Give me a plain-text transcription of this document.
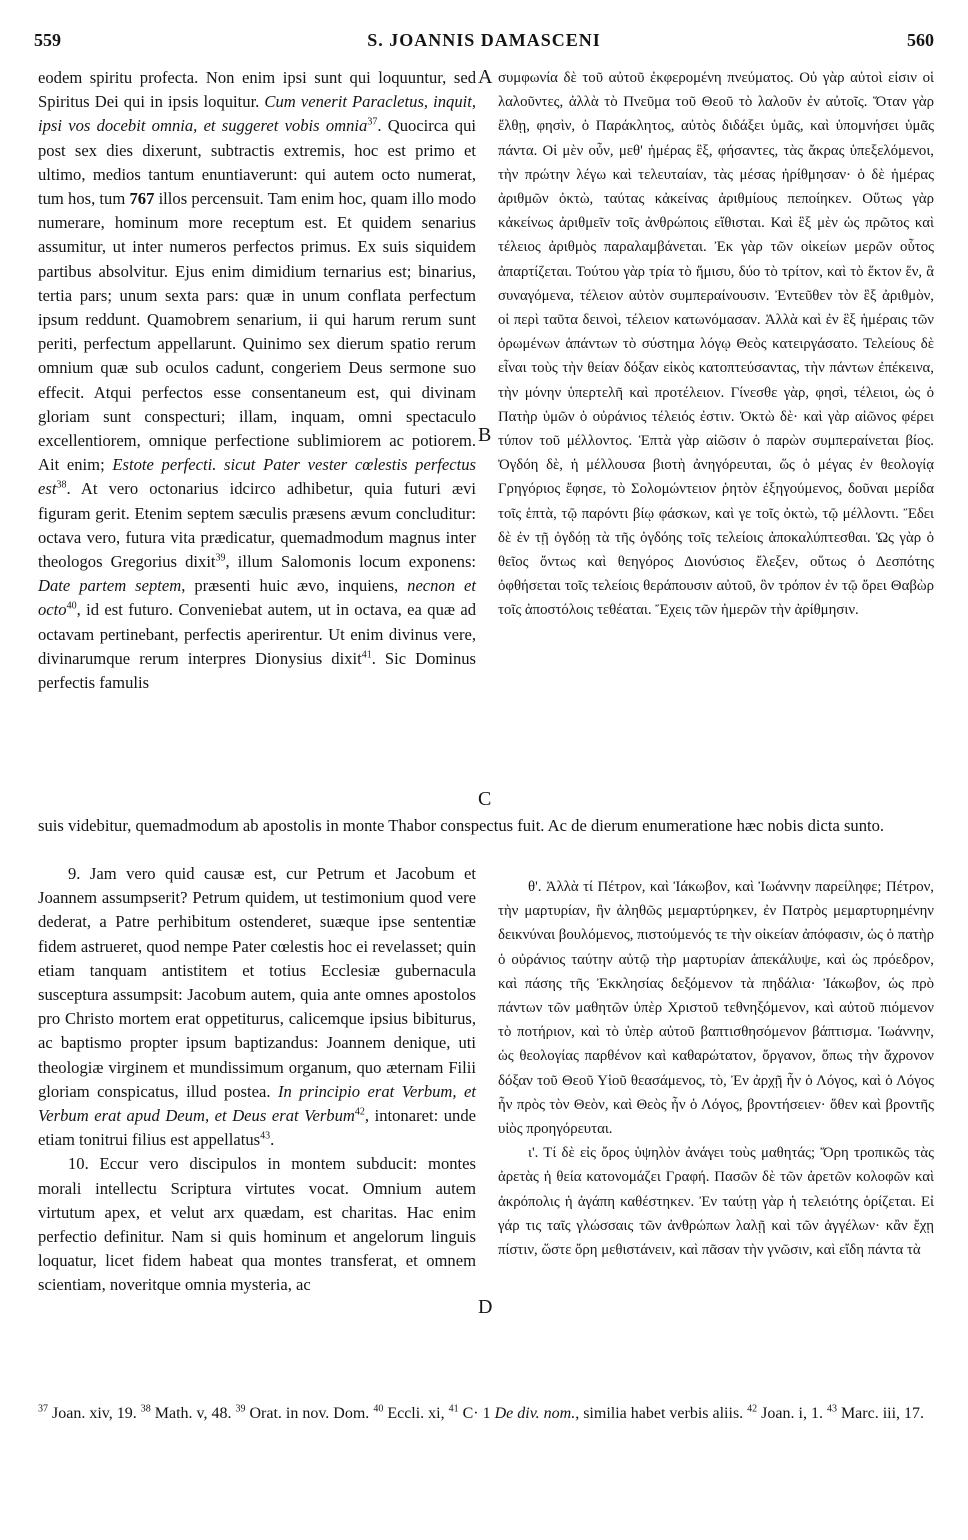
559	S. JOANNIS DAMASCENI	560

eodem spiritu profecta. Non enim ipsi sunt qui loquuntur, sed Spiritus Dei qui in ipsis loquitur. Cum venerit Paracletus, inquit, ipsi vos docebit omnia, et suggeret vobis omnia$^{37}$. Quocirca qui post sex dies dixerunt, subtractis extremis, hoc est primo et ultimo, medios tantum enuntiaverunt: qui autem octo numerat, tum hos, tum 767 illos percensuit. Tam enim hoc, quam illo modo numerare, hominum more receptum est. Et quidem senarius assumitur, ut inter numeros perfectos primus. Ex suis siquidem partibus absolvitur. Ejus enim dimidium ternarius est; binarius, tertia pars; unum sexta pars: quæ in unum conflata perfectum ipsum reddunt. Quamobrem senarium, ii qui harum rerum sunt periti, perfectum appellarunt. Quinimo sex dierum spatio rerum omnium quæ sub oculos cadunt, congeriem Deus sermone suo effecit. Atqui perfectos esse consentaneum est, qui divinam gloriam sunt conspecturi; illam, inquam, omni spectaculo excellentiorem, omnique perfectione sublimiorem ac potiorem. Ait enim; Estote perfecti. sicut Pater vester cœlestis perfectus est$^{38}$. At vero octonarius idcirco adhibetur, quia futuri ævi figuram gerit. Etenim septem sæculis præsens ævum concluditur: octava vero, futura vita prædicatur, quemadmodum magnus inter theologos Gregorius dixit$^{39}$, illum Salomonis locum exponens: Date partem septem, præsenti huic ævo, inquiens, necnon et octo$^{40}$, id est futuro. Conveniebat autem, ut in octava, ea quæ ad octavam pertinebant, perfectis aperirentur. Ut enim divinus vere, divinarumque rerum interpres Dionysius dixit$^{41}$. Sic Dominus perfectis famulis

συμφωνία δὲ τοῦ αὐτοῦ ἐκφερομένη πνεύματος. Οὐ γὰρ αὐτοὶ εἰσιν οἱ λαλοῦντες, ἀλλὰ τὸ Πνεῦμα τοῦ Θεοῦ τὸ λαλοῦν ἐν αὐτοῖς. Ὅταν γὰρ ἔλθῃ, φησὶν, ὁ Παράκλητος, αὐτὸς διδάξει ὑμᾶς, καὶ ὑπομνήσει ὑμᾶς πάντα. Οἱ μὲν οὖν, μεθ' ἡμέρας ἓξ, φήσαντες, τὰς ἄκρας ὑπεξελόμενοι, τὴν πρώτην λέγω καὶ τελευταίαν, τὰς μέσας ἠρίθμησαν· ὁ δὲ ἡμέρας ἀριθμῶν ὀκτὼ, ταύτας κἀκείνας ἀριθμίους πεποίηκεν. Οὕτως γὰρ κἀκείνως ἀριθμεῖν τοῖς ἀνθρώποις εἴθισται. Καὶ ἓξ μὲν ὡς πρῶτος καὶ τέλειος ἀριθμὸς παραλαμβάνεται. Ἐκ γὰρ τῶν οἰκείων μερῶν οὗτος ἀπαρτίζεται. Τούτου γὰρ τρία τὸ ἥμισυ, δύο τὸ τρίτον, καὶ τὸ ἕκτον ἕν, ἃ συναγόμενα, τέλειον αὐτὸν συμπεραίνουσιν. Ἐντεῦθεν τὸν ἓξ ἀριθμὸν, οἱ περὶ ταῦτα δεινοὶ, τέλειον κατωνόμασαν. Ἀλλὰ καὶ ἐν ἓξ ἡμέραις τῶν ὁρωμένων ἁπάντων τὸ σύστημα λόγῳ Θεὸς κατειργάσατο. Τελείους δὲ εἶναι τοὺς τὴν θείαν δόξαν εἰκὸς κατοπτεύσαντας, τὴν πάντων ἐπέκεινα, τὴν μόνην ὑπερτελῆ καὶ προτέλειον. Γίνεσθε γὰρ, φησὶ, τέλειοι, ὡς ὁ Πατὴρ ὑμῶν ὁ οὐράνιος τέλειός ἐστιν. Ὀκτὼ δὲ· καὶ γὰρ αἰῶνος φέρει τύπον τοῦ μέλλοντος. Ἑπτὰ γὰρ αἰῶσιν ὁ παρὼν συμπεραίνεται βίος. Ὀγδόη δὲ, ἡ μέλλουσα βιοτὴ ἀνηγόρευται, ὥς ὁ μέγας ἐν θεολογίᾳ Γρηγόριος ἔφησε, τὸ Σολομώντειον ῥητὸν ἐξηγούμενος, δοῦναι μερίδα τοῖς ἑπτὰ, τῷ παρόντι βίῳ φάσκων, καὶ γε τοῖς ὀκτὼ, τῷ μέλλοντι. Ἔδει δὲ ἐν τῇ ὀγδόῃ τὰ τῆς ὀγδόης τοῖς τελείοις ἀποκαλύπτεσθαι. Ὡς γὰρ ὁ θεῖος ὄντως καὶ θεηγόρος Διονύσιος ἔλεξεν, οὕτως ὁ Δεσπότης ὀφθήσεται τοῖς τελείοις θεράπουσιν αὐτοῦ, ὃν τρόπον ἐν τῷ ὄρει Θαβὼρ τοῖς ἀποστόλοις τεθέαται. Ἔχεις τῶν ἡμερῶν τὴν ἀρίθμησιν.

A
B
C
D

suis videbitur, quemadmodum ab apostolis in monte Thabor conspectus fuit. Ac de dierum enumeratione hæc nobis dicta sunto.

9. Jam vero quid causæ est, cur Petrum et Jacobum et Joannem assumpserit? Petrum quidem, ut testimonium quod vere dederat, a Patre perhibitum ostenderet, suæque ipse sententiæ fidem astrueret, quod nempe Pater cœlestis hoc ei revelasset; quin etiam tanquam antistitem et totius Ecclesiæ gubernacula susceptura assumpsit: Jacobum autem, quia ante omnes apostolos pro Christo mortem erat oppetiturus, calicemque ipsius bibiturus, ac baptismo propter ipsum baptizandus: Joannem denique, uti theologiæ virginem et mundissimum organum, quo æternam Filii gloriam conspicatus, illud postea. In principio erat Verbum, et Verbum erat apud Deum, et Deus erat Verbum$^{42}$, intonaret: unde etiam tonitrui filius est appellatus$^{43}$.

10. Eccur vero discipulos in montem subducit: montes morali intellectu Scriptura virtutes vocat. Omnium autem virtutum apex, et velut arx quædam, est charitas. Hac enim perfectio definitur. Nam si quis hominum et angelorum linguis loquatur, licet fidem habeat qua montes transferat, et omnem scientiam, noveritque omnia mysteria, ac

θ'. Ἀλλὰ τί Πέτρον, καὶ Ἰάκωβον, καὶ Ἰωάννην παρείληφε; Πέτρον, τὴν μαρτυρίαν, ἣν ἀληθῶς μεμαρτύρηκεν, ἐν Πατρὸς μεμαρτυρημένην δεικνύναι βουλόμενος, πιστούμενός τε τὴν οἰκείαν ἀπόφασιν, ὡς ὁ πατὴρ ὁ οὐράνιος ταύτην αὐτῷ τὴρ μαρτυρίαν ἀπεκάλυψε, καὶ ὡς πρόεδρον, καὶ πάσης τῆς Ἐκκλησίας δεξόμενον τὰ πηδάλια· Ἰάκωβον, ὡς πρὸ πάντων τῶν μαθητῶν ὑπὲρ Χριστοῦ τεθνηξόμενον, καὶ αὐτοῦ πιόμενον τὸ ποτήριον, καὶ τὸ ὑπὲρ αὐτοῦ βαπτισθησόμενον βάπτισμα. Ἰωάννην, ὡς θεολογίας παρθένον καὶ καθαρώτατον, ὄργανον, ὅπως τὴν ἄχρονον δόξαν τοῦ Θεοῦ Υἱοῦ θεασάμενος, τὸ, Ἐν ἀρχῇ ἦν ὁ Λόγος, καὶ ὁ Λόγος ἦν πρὸς τὸν Θεὸν, καὶ Θεὸς ἦν ὁ Λόγος, βροντήσειεν· ὅθεν καὶ βροντῆς υἱὸς προηγόρευται.

ι'. Τί δὲ εἰς ὄρος ὑψηλὸν ἀνάγει τοὺς μαθητάς; Ὄρη τροπικῶς τὰς ἀρετὰς ἡ θεία κατονομάζει Γραφή. Πασῶν δὲ τῶν ἀρετῶν κολοφῶν καὶ ἀκρόπολις ἡ ἀγάπη καθέστηκεν. Ἐν ταύτῃ γὰρ ἡ τελειότης ὁρίζεται. Εἰ γάρ τις ταῖς γλώσσαις τῶν ἀνθρώπων λαλῇ καὶ τῶν ἀγγέλων· κἂν ἔχῃ πίστιν, ὥστε ὄρη μεθιστάνειν, καὶ πᾶσαν τὴν γνῶσιν, καὶ εἴδη πάντα τὰ

$^{37}$ Joan. xiv, 19. $^{38}$ Math. v, 48. $^{39}$ Orat. in nov. Dom. $^{40}$ Eccli. xi, $^{41}$ C· 1 De div. nom., similia habet verbis aliis. $^{42}$ Joan. i, 1. $^{43}$ Marc. iii, 17.
